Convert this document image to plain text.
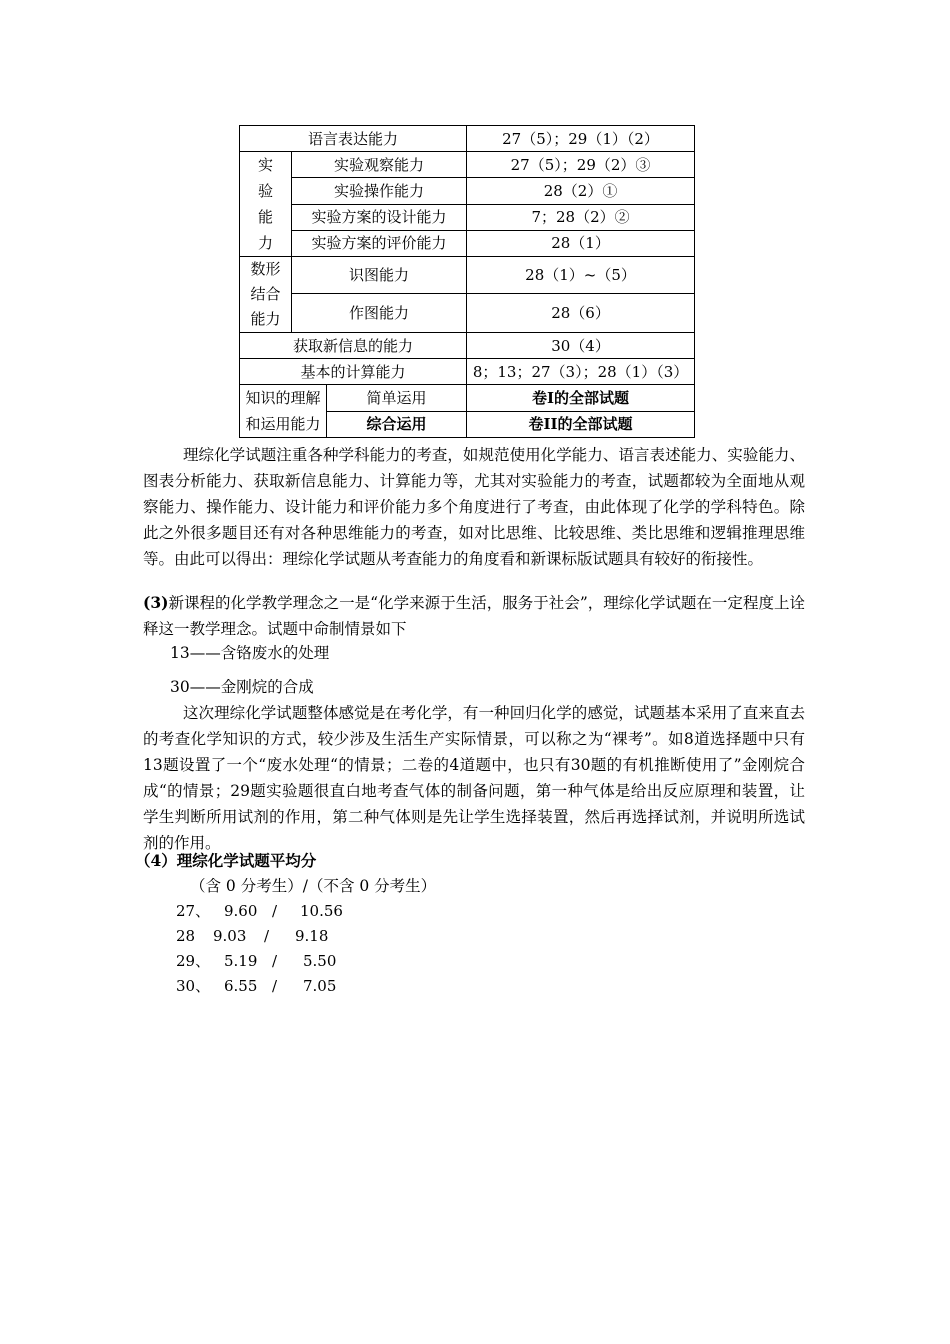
语言表达能力			27（5）；29（1）（2）

实
验
能
力	实验观察能力		27（5）；29（2）③
	实验操作能力		28（2）①
	实验方案的设计能力		7；28（2）②
	实验方案的评价能力		28（1）

数形
结合
能力	识图能力		28（1）~（5）
	作图能力		28（6）
获取新信息的能力			30（4）
基本的计算能力			8；13；27（3）；28（1）（3）

知识的理解
和运用能力		简单运用	卷I的全部试题
		综合运用	卷II的全部试题
理综化学试题注重各种学科能力的考查，如规范使用化学能力、语言表述能力、实验能力、图表分析能力、获取新信息能力、计算能力等，尤其对实验能力的考查，试题都较为全面地从观察能力、操作能力、设计能力和评价能力多个角度进行了考查，由此体现了化学的学科特色。除此之外很多题目还有对各种思维能力的考查，如对比思维、比较思维、类比思维和逻辑推理思维等。由此可以得出：理综化学试题从考查能力的角度看和新课标版试题具有较好的衔接性。
(3)新课程的化学教学理念之一是“化学来源于生活，服务于社会”，理综化学试题在一定程度上诠释这一教学理念。试题中命制情景如下
13——含铬废水的处理
30——金刚烷的合成
这次理综化学试题整体感觉是在考化学，有一种回归化学的感觉，试题基本采用了直来直去的考查化学知识的方式，较少涉及生活生产实际情景，可以称之为“裸考”。如8道选择题中只有13题设置了一个“废水处理“的情景；二卷的4道题中，也只有30题的有机推断使用了”金刚烷合成“的情景；29题实验题很直白地考查气体的制备问题，第一种气体是给出反应原理和装置，让学生判断所用试剂的作用，第二种气体则是先让学生选择装置，然后再选择试剂，并说明所选试剂的作用。
（4）理综化学试题平均分
（含 0 分考生）/（不含 0 分考生）
27、 9.60 / 10.56
28 9.03 / 9.18
29、 5.19 / 5.50
30、 6.55 / 7.05
